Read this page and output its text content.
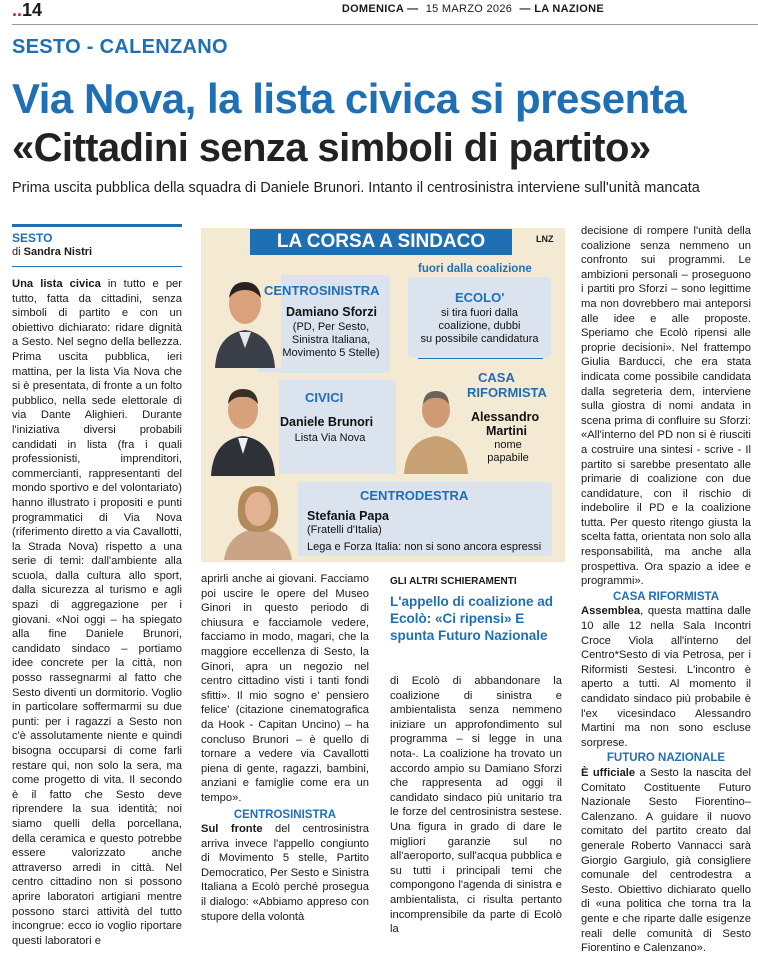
..14	DOMENICA — 15 MARZO 2026 — LA NAZIONE
SESTO - CALENZANO
Via Nova, la lista civica si presenta
«Cittadini senza simboli di partito»
Prima uscita pubblica della squadra di Daniele Brunori. Intanto il centrosinistra interviene sull'unità mancata
SESTO
di Sandra Nistri

Una lista civica in tutto e per tutto, fatta da cittadini, senza simboli di partito e con un obiettivo dichiarato: ridare dignità a Sesto. Nel segno della bellezza. Prima uscita pubblica, ieri mattina, per la lista Via Nova che si è presentata, di fronte a un folto pubblico, nella sede elettorale di via Dante Alighieri. Durante l'iniziativa diversi probabili candidati in lista (fra i quali professionisti, imprenditori, commercianti, rappresentanti del mondo sportivo e del volontariato) hanno illustrato i propositi e punti programmatici di Via Nova (riferimento diretto a via Cavallotti, la Strada Nova) rispetto a una serie di temi: dall'ambiente alla scuola, dalla cultura allo sport, dalla sicurezza al turismo e agli spazi di aggregazione per i giovani. «Noi oggi – ha spiegato alla fine Daniele Brunori, candidato sindaco – portiamo idee concrete per la città, non posso rassegnarmi al fatto che Sesto diventi un dormitorio. Voglio in particolare soffermarmi su due punti: per i ragazzi a Sesto non c'è assolutamente niente e quindi bisogna occuparsi di come farli restare qui, non solo la sera, ma come progetto di vita. Il secondo è il fatto che Sesto deve riprendere la sua identità; noi siamo quelli della porcellana, della ceramica e questo potrebbe essere valorizzato anche attraverso arredi in città. Nel centro cittadino non si possono aprire laboratori artigiani mentre possono starci attività del tutto incongrue: ecco io voglio riportare questi laboratori e

LA CORSA A SINDACO	LNZ
CENTROSINISTRA
Damiano Sforzi
(PD, Per Sesto,
Sinistra Italiana,
Movimento 5 Stelle)
fuori dalla coalizione
ECOLO'
si tira fuori dalla
coalizione, dubbi
su possibile candidatura
CIVICI
Daniele Brunori
Lista Via Nova
CASA
RIFORMISTA
Alessandro
Martini
nome
papabile
CENTRODESTRA
Stefania Papa
(Fratelli d'Italia)
Lega e Forza Italia: non si sono ancora espressi

aprirli anche ai giovani. Facciamo poi uscire le opere del Museo Ginori in questo periodo di chiusura e facciamole vedere, facciamo in modo, magari, che la maggiore eccellenza di Sesto, la Ginori, apra un negozio nel centro cittadino visti i tanti fondi sfitti». Il mio sogno e' pensiero felice' (citazione cinematografica da Hook - Capitan Uncino) – ha concluso Brunori – è quello di tornare a vedere via Cavallotti piena di gente, ragazzi, bambini, anziani e famiglie come era un tempo».

CENTROSINISTRA

Sul fronte del centrosinistra arriva invece l'appello congiunto di Movimento 5 stelle, Partito Democratico, Per Sesto e Sinistra Italiana a Ecolò perché prosegua il dialogo: «Abbiamo appreso con stupore della volontà

GLI ALTRI SCHIERAMENTI
L'appello di coalizione ad Ecolò: «Ci ripensi» E spunta Futuro Nazionale

di Ecolò di abbandonare la coalizione di sinistra e ambientalista senza nemmeno iniziare un approfondimento sul programma – si legge in una nota-. La coalizione ha trovato un accordo ampio su Damiano Sforzi che rappresenta ad oggi il candidato sindaco più unitario tra le forze del centrosinistra sestese. Una figura in grado di dare le migliori garanzie sul no all'aeroporto, sull'acqua pubblica e su tutti i principali temi che compongono l'agenda di sinistra e ambientalista, ci risulta pertanto incomprensibile da parte di Ecolò la

decisione di rompere l'unità della coalizione senza nemmeno un confronto sui programmi. Le ambizioni personali – proseguono i partiti pro Sforzi – sono legittime ma non dovrebbero mai anteporsi alle idee e alle proposte. Speriamo che Ecolò ripensi alle proprie decisioni». Nel frattempo Giulia Barducci, che era stata indicata come possibile candidata dalla segreteria dem, interviene sulla giostra di nomi andata in scena prima di confluire su Sforzi: «All'interno del PD non si è riusciti a costruire una sintesi - scrive - Il partito si sarebbe presentato alle primarie di coalizione con due candidature, con il rischio di indebolire il PD e la coalizione tutta. Per questo ritengo giusta la scelta fatta, orientata non solo alla responsabilità, ma anche alla prospettiva. Ora spazio a idee e programmi».

CASA RIFORMISTA

Assemblea, questa mattina dalle 10 alle 12 nella Sala Incontri Croce Viola all'interno del Centro*Sesto di via Petrosa, per i Riformisti Sestesi. L'incontro è aperto a tutti. Al momento il candidato sindaco più probabile è l'ex vicesindaco Alessandro Martini ma non sono escluse sorprese.

FUTURO NAZIONALE

È ufficiale a Sesto la nascita del Comitato Costituente Futuro Nazionale Sesto Fiorentino–Calenzano. A guidare il nuovo comitato del partito creato dal generale Roberto Vannacci sarà Giorgio Gargiulo, già consigliere comunale del centrodestra a Sesto. Obiettivo dichiarato quello di «una politica che torna tra la gente e che riparte dalle esigenze reali delle comunità di Sesto Fiorentino e Calenzano».
